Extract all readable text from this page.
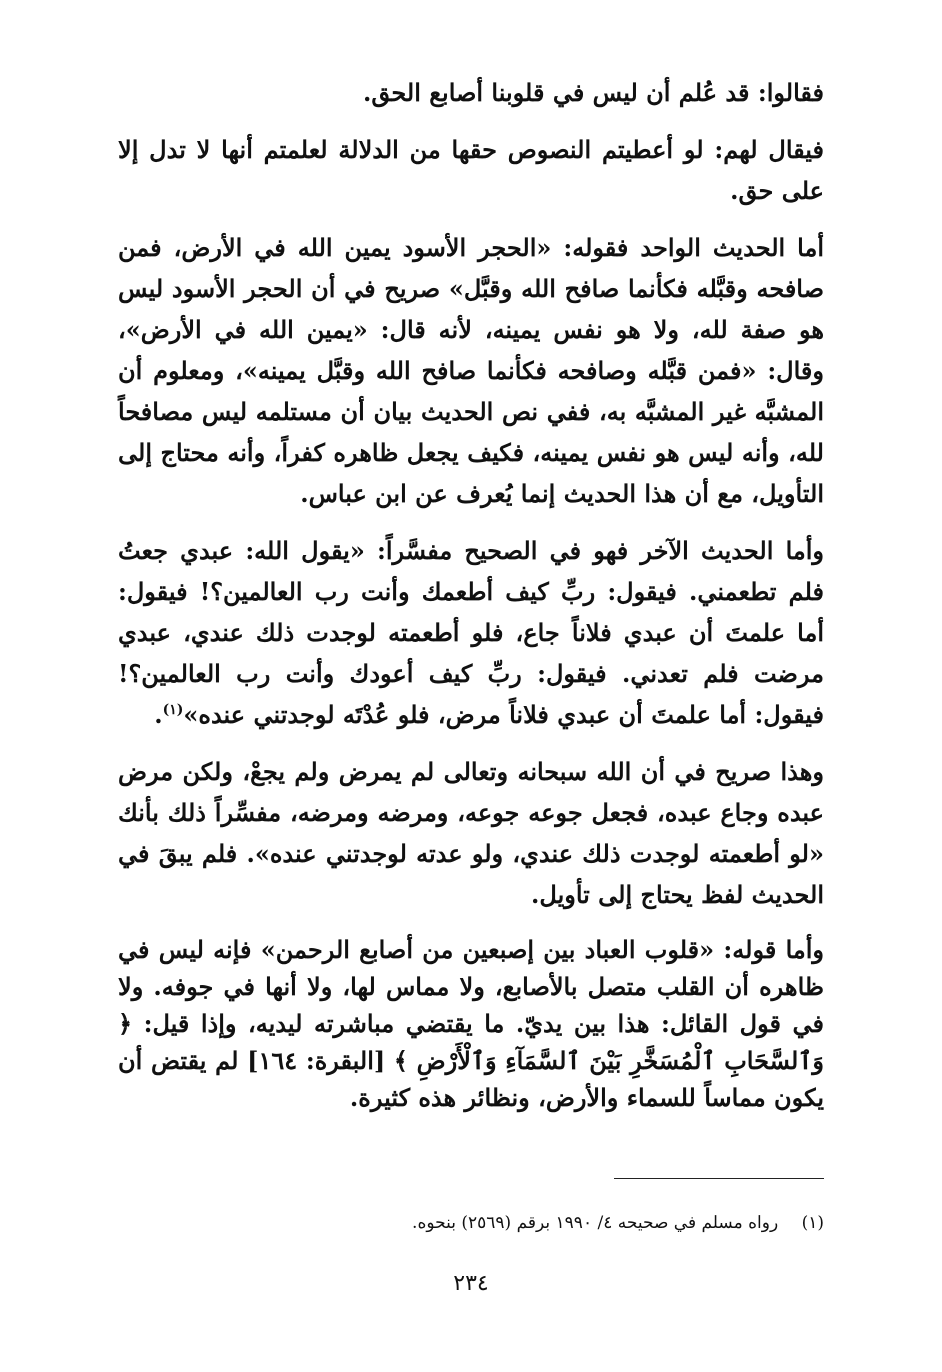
فقالوا: قد عُلم أن ليس في قلوبنا أصابع الحق.

فيقال لهم: لو أعطيتم النصوص حقها من الدلالة لعلمتم أنها لا تدل إلا على حق.

أما الحديث الواحد فقوله: «الحجر الأسود يمين الله في الأرض، فمن صافحه وقبَّله فكأنما صافح الله وقبَّل» صريح في أن الحجر الأسود ليس هو صفة لله، ولا هو نفس يمينه، لأنه قال: «يمين الله في الأرض»، وقال: «فمن قبَّله وصافحه فكأنما صافح الله وقبَّل يمينه»، ومعلوم أن المشبَّه غير المشبَّه به، ففي نص الحديث بيان أن مستلمه ليس مصافحاً لله، وأنه ليس هو نفس يمينه، فكيف يجعل ظاهره كفراً، وأنه محتاج إلى التأويل، مع أن هذا الحديث إنما يُعرف عن ابن عباس.

وأما الحديث الآخر فهو في الصحيح مفسَّراً: «يقول الله: عبدي جعتُ فلم تطعمني. فيقول: ربِّ كيف أطعمك وأنت رب العالمين؟! فيقول: أما علمتَ أن عبدي فلاناً جاع، فلو أطعمته لوجدت ذلك عندي، عبدي مرضت فلم تعدني. فيقول: ربِّ كيف أعودك وأنت رب العالمين؟! فيقول: أما علمتَ أن عبدي فلاناً مرض، فلو عُدْتَه لوجدتني عنده»$^{(١)}$.

وهذا صريح في أن الله سبحانه وتعالى لم يمرض ولم يجعْ، ولكن مرض عبده وجاع عبده، فجعل جوعه جوعه، ومرضه ومرضه، مفسِّراً ذلك بأنك «لو أطعمته لوجدت ذلك عندي، ولو عدته لوجدتني عنده». فلم يبقَ في الحديث لفظ يحتاج إلى تأويل.

وأما قوله: «قلوب العباد بين إصبعين من أصابع الرحمن» فإنه ليس في ظاهره أن القلب متصل بالأصابع، ولا مماس لها، ولا أنها في جوفه. ولا في قول القائل: هذا بين يديّ. ما يقتضي مباشرته ليديه، وإذا قيل: ﴿ وَٱلسَّحَابِ ٱلْمُسَخَّرِ بَيْنَ ٱلسَّمَآءِ وَٱلْأَرْضِ ﴾ [البقرة: ١٦٤] لم يقتض أن يكون مماساً للسماء والأرض، ونظائر هذه كثيرة.

(١) رواه مسلم في صحيحه ٤/ ١٩٩٠ برقم (٢٥٦٩) بنحوه.
٢٣٤
